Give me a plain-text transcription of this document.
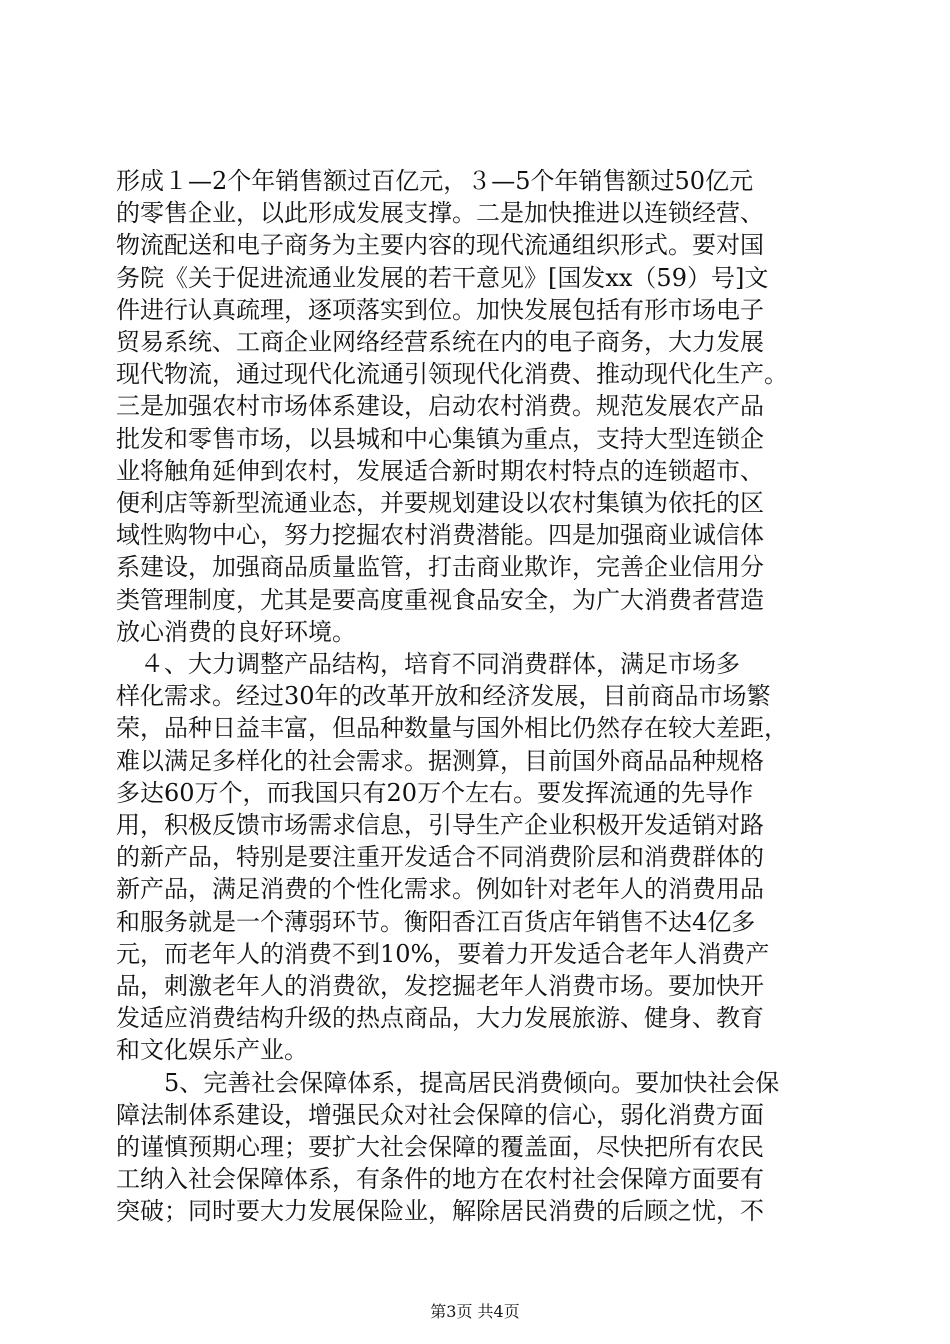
形成１—2个年销售额过百亿元，３—5个年销售额过50亿元
的零售企业，以此形成发展支撑。二是加快推进以连锁经营、
物流配送和电子商务为主要内容的现代流通组织形式。要对国
务院《关于促进流通业发展的若干意见》[国发xx（59）号]文
件进行认真疏理，逐项落实到位。加快发展包括有形市场电子
贸易系统、工商企业网络经营系统在内的电子商务，大力发展
现代物流，通过现代化流通引领现代化消费、推动现代化生产。
三是加强农村市场体系建设，启动农村消费。规范发展农产品
批发和零售市场，以县城和中心集镇为重点，支持大型连锁企
业将触角延伸到农村，发展适合新时期农村特点的连锁超市、
便利店等新型流通业态，并要规划建设以农村集镇为依托的区
域性购物中心，努力挖掘农村消费潜能。四是加强商业诚信体
系建设，加强商品质量监管，打击商业欺诈，完善企业信用分
类管理制度，尤其是要高度重视食品安全，为广大消费者营造
放心消费的良好环境。
　４、大力调整产品结构，培育不同消费群体，满足市场多
样化需求。经过30年的改革开放和经济发展，目前商品市场繁
荣，品种日益丰富，但品种数量与国外相比仍然存在较大差距，
难以满足多样化的社会需求。据测算，目前国外商品品种规格
多达60万个，而我国只有20万个左右。要发挥流通的先导作
用，积极反馈市场需求信息，引导生产企业积极开发适销对路
的新产品，特别是要注重开发适合不同消费阶层和消费群体的
新产品，满足消费的个性化需求。例如针对老年人的消费用品
和服务就是一个薄弱环节。衡阳香江百货店年销售不达4亿多
元，而老年人的消费不到10%，要着力开发适合老年人消费产
品，刺激老年人的消费欲，发挖掘老年人消费市场。要加快开
发适应消费结构升级的热点商品，大力发展旅游、健身、教育
和文化娱乐产业。
　　5、完善社会保障体系，提高居民消费倾向。要加快社会保
障法制体系建设，增强民众对社会保障的信心，弱化消费方面
的谨慎预期心理；要扩大社会保障的覆盖面，尽快把所有农民
工纳入社会保障体系，有条件的地方在农村社会保障方面要有
突破；同时要大力发展保险业，解除居民消费的后顾之忧，不
第3页 共4页
